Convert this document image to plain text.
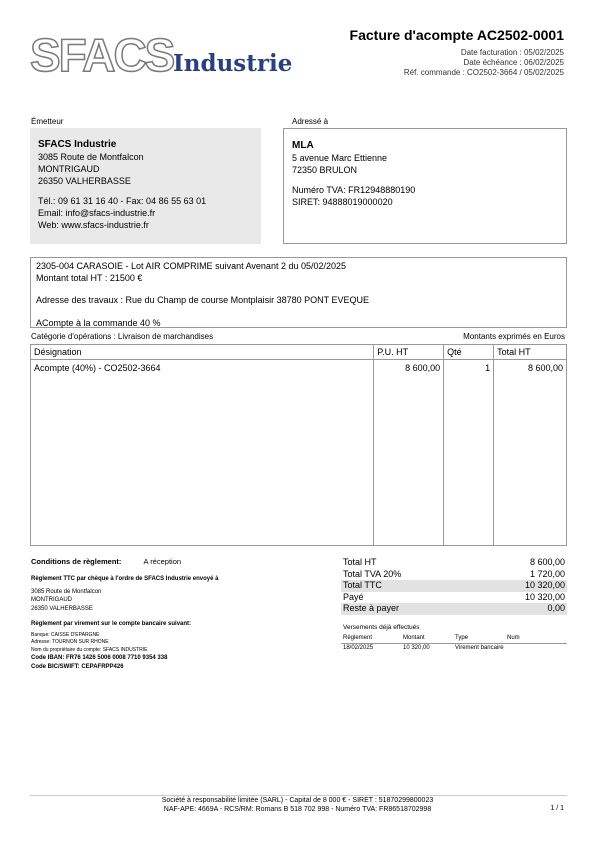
SFACS Industrie
Facture d'acompte AC2502-0001
Date facturation : 05/02/2025
Date échéance : 06/02/2025
Réf. commande : CO2502-3664 / 05/02/2025
Émetteur	Adressé à
SFACS Industrie
3085 Route de Montfalcon
MONTRIGAUD
26350 VALHERBASSE

Tél.: 09 61 31 16 40 - Fax: 04 86 55 63 01
Email: info@sfacs-industrie.fr
Web: www.sfacs-industrie.fr
MLA
5 avenue Marc Ettienne
72350 BRULON

Numéro TVA: FR12948880190
SIRET: 94888019000020
2305-004 CARASOIE - Lot AIR COMPRIME suivant Avenant 2 du 05/02/2025
Montant total HT : 21500 €
Adresse des travaux : Rue du Champ de course Montplaisir 38780 PONT EVEQUE
ACompte à la commande 40 %
Catégorie d'opérations : Livraison de marchandises	Montants exprimés en Euros
Désignation	P.U. HT	Qté	Total HT
Acompte (40%) - CO2502-3664	8 600,00	1	8 600,00

Conditions de règlement:	A réception
Règlement TTC par chèque à l'ordre de SFACS Industrie envoyé à
3085 Route de Montfalcon
MONTRIGAUD
26350 VALHERBASSE
Règlement par virement sur le compte bancaire suivant:
Banque: CAISSE D'EPARGNE
Adresse: TOURNON SUR RHONE
Nom du propriétaire du compte: SFACS INDUSTRIE
Code IBAN: FR76 1426 5006 0008 7710 9354 338
Code BIC/SWIFT: CEPAFRPP426
Total HT	8 600,00
Total TVA 20%	1 720,00
Total TTC	10 320,00
Payé	10 320,00
Reste à payer	0,00
Versements déjà effectués
Règlement	Montant	Type	Num
18/02/2025	10 320,00	Virement bancaire
Société à responsabilité limitée (SARL) - Capital de 8 000 € - SIRET : 51870299800023
NAF-APE: 4669A - RCS/RM: Romans B 518 702 998 - Numéro TVA: FR86518702998	1 / 1
